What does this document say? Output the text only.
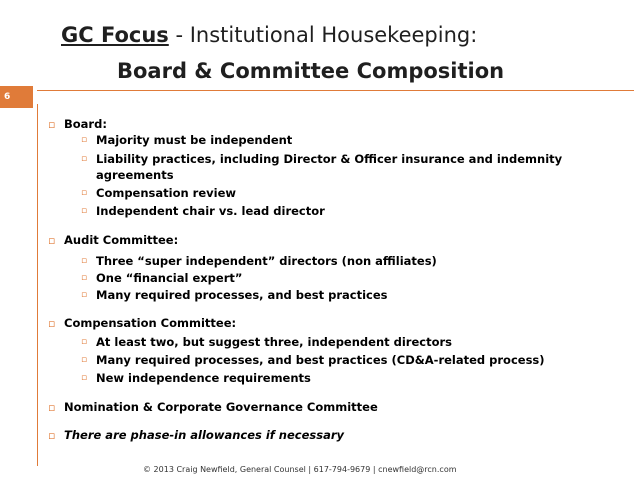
GC Focus - Institutional Housekeeping:
Board & Committee Composition
6
▫ Board:
▫ Majority must be independent
▫ Liability practices, including Director & Officer insurance and indemnity
agreements
▫ Compensation review
▫ Independent chair vs. lead director
▫ Audit Committee:
▫ Three “super independent” directors (non affiliates)
▫ One “financial expert”
▫ Many required processes, and best practices
▫ Compensation Committee:
▫ At least two, but suggest three, independent directors
▫ Many required processes, and best practices (CD&A-related process)
▫ New independence requirements
▫ Nomination & Corporate Governance Committee
▫ There are phase-in allowances if necessary
© 2013 Craig Newfield, General Counsel | 617-794-9679 | cnewfield@rcn.com
